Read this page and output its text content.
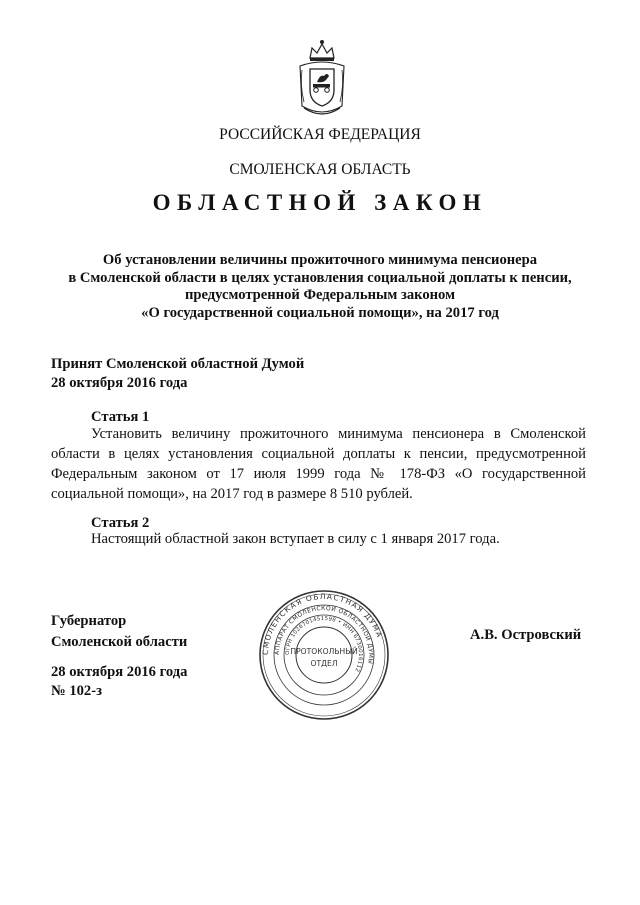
РОССИЙСКАЯ ФЕДЕРАЦИЯ
СМОЛЕНСКАЯ ОБЛАСТЬ
ОБЛАСТНОЙ ЗАКОН
Об установлении величины прожиточного минимума пенсионера
в Смоленской области в целях установления социальной доплаты к пенсии,
предусмотренной Федеральным законом
«О государственной социальной помощи», на 2017 год
Принят Смоленской областной Думой
28 октября 2016 года
Статья 1
Установить величину прожиточного минимума пенсионера в Смоленской
области в целях установления социальной доплаты к пенсии, предусмотренной
Федеральным законом от 17 июля 1999 года № 178-ФЗ «О государственной
социальной помощи», на 2017 год в размере 8 510 рублей.
Статья 2
Настоящий областной закон вступает в силу с 1 января 2017 года.
Губернатор
Смоленской области	А.В. Островский
28 октября 2016 года
№ 102-з
СМОЛЕНСКАЯ ОБЛАСТНАЯ ДУМА
АППАРАТ СМОЛЕНСКОЙ ОБЛАСТНОЙ ДУМЫ
ОГРН 1026701451598 • ИНН 6730016112
ПРОТОКОЛЬНЫЙ
ОТДЕЛ
